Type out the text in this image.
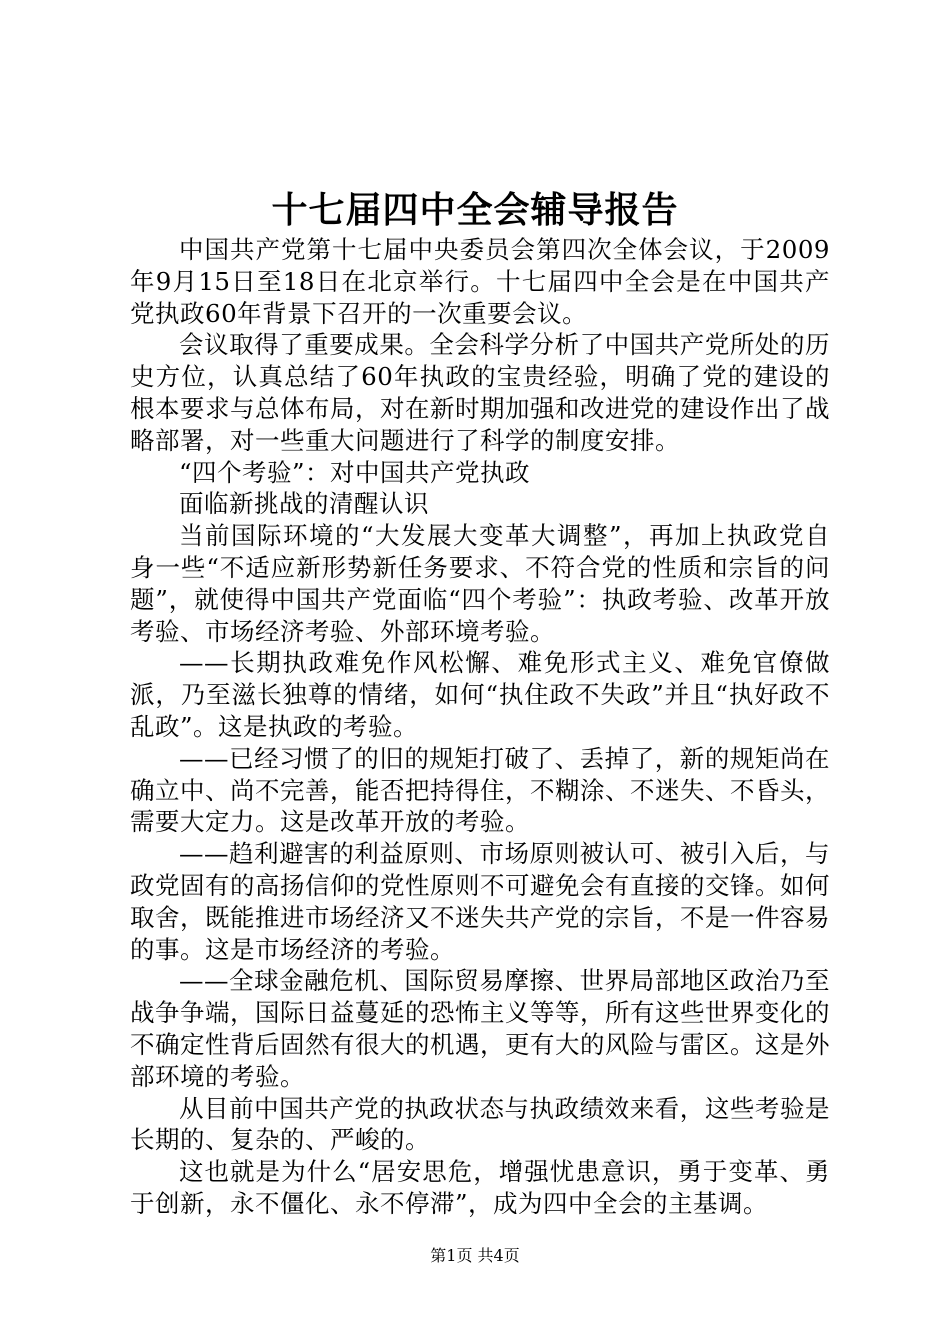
十七届四中全会辅导报告

中国共产党第十七届中央委员会第四次全体会议，于2009年9月15日至18日在北京举行。十七届四中全会是在中国共产党执政60年背景下召开的一次重要会议。

会议取得了重要成果。全会科学分析了中国共产党所处的历史方位，认真总结了60年执政的宝贵经验，明确了党的建设的根本要求与总体布局，对在新时期加强和改进党的建设作出了战略部署，对一些重大问题进行了科学的制度安排。

“四个考验”：对中国共产党执政

面临新挑战的清醒认识

当前国际环境的“大发展大变革大调整”，再加上执政党自身一些“不适应新形势新任务要求、不符合党的性质和宗旨的问题”，就使得中国共产党面临“四个考验”：执政考验、改革开放考验、市场经济考验、外部环境考验。

——长期执政难免作风松懈、难免形式主义、难免官僚做派，乃至滋长独尊的情绪，如何“执住政不失政”并且“执好政不乱政”。这是执政的考验。

——已经习惯了的旧的规矩打破了、丢掉了，新的规矩尚在确立中、尚不完善，能否把持得住，不糊涂、不迷失、不昏头，需要大定力。这是改革开放的考验。

——趋利避害的利益原则、市场原则被认可、被引入后，与政党固有的高扬信仰的党性原则不可避免会有直接的交锋。如何取舍，既能推进市场经济又不迷失共产党的宗旨，不是一件容易的事。这是市场经济的考验。

——全球金融危机、国际贸易摩擦、世界局部地区政治乃至战争争端，国际日益蔓延的恐怖主义等等，所有这些世界变化的不确定性背后固然有很大的机遇，更有大的风险与雷区。这是外部环境的考验。

从目前中国共产党的执政状态与执政绩效来看，这些考验是长期的、复杂的、严峻的。

这也就是为什么“居安思危，增强忧患意识，勇于变革、勇于创新，永不僵化、永不停滞”，成为四中全会的主基调。

第1页 共4页
